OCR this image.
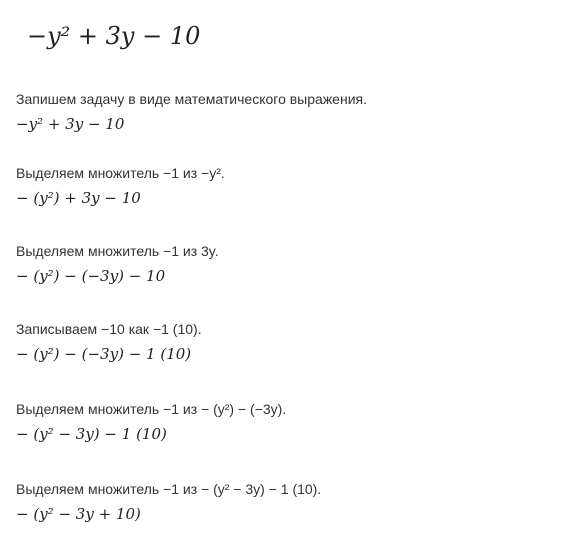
−y² + 3y − 10
Запишем задачу в виде математического выражения.
−y² + 3y − 10
Выделяем множитель −1 из −y².
− (y²) + 3y − 10
Выделяем множитель −1 из 3y.
− (y²) − (−3y) − 10
Записываем −10 как −1 (10).
− (y²) − (−3y) − 1 (10)
Выделяем множитель −1 из − (y²) − (−3y).
− (y² − 3y) − 1 (10)
Выделяем множитель −1 из − (y² − 3y) − 1 (10).
− (y² − 3y + 10)
